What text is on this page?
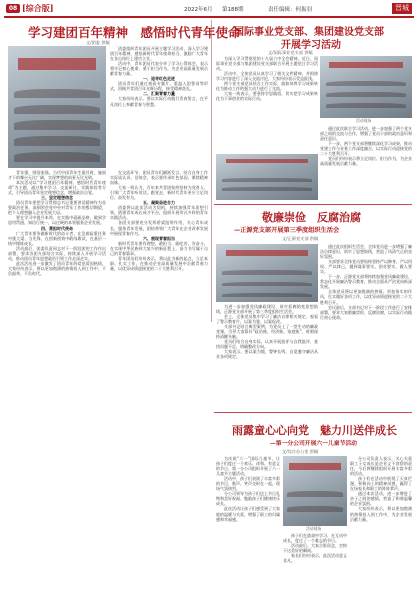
08 [综合版]	2022年6月 第188期	责任编辑：何振羽	晋城
学习建团百年精神　感悟时代青年使命
文/团委 供稿

团委组织青年团员开展主题学习活动，深入学习建团百年精神，感悟新时代青年使命担当，激励广大青年在各自岗位上建功立业。

活动中，青年团员代表分享了学习心得体会，表示将牢记初心使命，勇于担当作为，为企业高质量发展贡献青春力量。

一、追寻红色足迹

团员青年们通过观看专题片、重温入团誓词等形式，回顾共青团百年光辉历程，接受精神洗礼。

二、汇聚青春力量

大家纷纷表示，要以实际行动践行青春誓言，在平凡岗位上奉献青春与智慧。

青年强，则国家强。当代中国青年生逢其时，施展才干的舞台无比广阔，实现梦想的前景无比光明。

本次活动以“学习建团百年精神，感悟时代青年使命”为主题，通过集中学习、交流研讨、实践体验等方式，引导团员青年坚定理想信念，增强政治自觉。

三、坚定理想信念

团员青年要把学习贯彻总书记重要讲话精神作为首要政治任务，深刻领会党中央对青年工作的殷切期望，把个人理想融入企业发展大局。

要在学习中提升本领，在实践中砥砺品格，做到学思用贯通、知信行统一，以过硬的本领服务企业发展。

四、勇担时代使命

广大青年要争做新时代的奋斗者，在急难险重任务中挑大梁、当先锋，在创新创效中敢闯敢试，在基层一线中锤炼成长。

活动最后，团委负责同志对下一阶段团的工作作出部署，要求各团支部结合实际，持续深入开展学习活动，推动团员青年思想政治引领工作走深走实。

此次活动进一步激发了团员青年的爱党爱国热情，大家纷纷表示，将以更加饱满的热情投入到工作中，不负韶华、不负时代。

在交流环节，团员青年们踊跃发言，结合自身工作实际谈认识、话体会，表示要传承红色基因，赓续精神血脉。

大家一致认为，百年来共青团始终坚持为党育人，引领广大青年听党话、跟党走，新时代青年更应立足岗位、奋发有为。

五、凝聚奋进合力

团委将以此次活动为契机，持续加强青年思想引领，搭建青年成长成才平台，组织开展形式多样的青年实践活动。

各团支部要充分发挥桥梁纽带作用，关心青年成长，服务青年发展，团结带领广大青年在企业改革发展中展现青春作为。

六、展现青春担当

新时代青年要有理想、敢担当、能吃苦、肯奋斗，在实现中华民族伟大复兴的新征程上，奋力书写属于自己的青春篇章。

青年团员们纷纷表示，将以此为新的起点，立足本职、扎实工作，在推动企业高质量发展中贡献青春力量，以优异成绩迎接党的二十大胜利召开。

国际事业党支部、集团建设党支部
开展学习活动
文/国际事业党支部 供稿

为深入学习贯彻党的十九届六中全会精神，近日，国际事业党支部与集团建设党支部联合开展主题党日学习活动。

活动中，全体党员认真学习了相关文件精神，并围绕学习内容进行了深入交流讨论，大家纷纷表示受益匪浅。

两个党支部党员结合工作实际，就如何将学习成果转化为推动工作的强大动力进行了交流。

大家一致表示，要坚持学思践悟，切实把学习成果转化为干事创业的实际行动。

活动现场

通过此次联合学习活动，进一步加强了两个党支部之间的交流与合作，增强了党员干部的政治意识和责任意识。

下一步，两个党支部将继续深化学习成果，推动党建工作与业务工作深度融合，以实际行动迎接党的二十大胜利召开。

党员们纷纷表示将立足岗位、担当作为，为企业高质量发展贡献力量。

敬廉崇俭　反腐治腐
—正源党支部开展第三季度组织生活会
文/正源党支部 供稿

为进一步加强党风廉政建设，筑牢拒腐防变思想防线，正源党支部开展了第三季度组织生活会。

会上，全体党员集中学习了廉洁自律相关规定，观看了警示教育片，以案为鉴、以案促改。

支部书记结合典型案例，为党员上了一堂生动的廉政党课，引导大家算好“政治账、经济账、家庭账”，时刻保持清醒头脑。

党员们结合自身实际，认真开展批评与自我批评，查找问题不足，明确整改方向。

大家表示，要以案为镜，警钟长鸣，自觉遵守廉洁从业各项规定。

通过此次组织生活会，全体党员进一步增强了廉洁自律意识，筑牢了思想防线，营造了风清气正的良好氛围。

支部要求全体党员要始终坚持严以修身、严以用权、严以律己，做到谋事要实、创业要实、做人要实。

下一步，正源党支部将持续加强党风廉政建设，常态化开展廉洁警示教育，推动全面从严治党向纵深发展。

全体党员将以更加饱满的热情、更加务实的作风，扎实做好各项工作，以优异成绩迎接党的二十大胜利召开。

会议最后，支部书记对下一阶段工作进行了安排部署，要求大家敬廉崇俭、反腐治腐，以实际行动践行初心使命。

雨露童心心向党　魅力川送伴成长
—第一分公司开展六一儿童节活动
文/综合办公室 供稿

为庆祝“六一”国际儿童节，让孩子们度过一个欢乐、祥和、有意义的节日，第一分公司组织开展了六一儿童节主题活动。

活动中，孩子们表演了丰富多彩的节目，歌声、笑声交织在一起，现场气氛热烈。

分公司领导为孩子们送上节日礼物和美好祝福，勉励孩子们健康快乐成长。

此次活动让孩子们感受到了大家庭的温暖与关爱，增强了职工的归属感和幸福感。

活动现场

孩子们在游戏中学习、在互动中成长，度过了一个难忘的节日。

活动最后，大家合影留念，定格下这美好的瞬间。

家长们纷纷表示，此次活动意义非凡。

分公司负责人表示，关心关爱职工子女成长是企业义不容辞的责任，今后将继续组织开展丰富多彩的活动。

孩子们在活动中展现了天真烂漫、积极向上的精神风貌，赢得了在场家长和职工的阵阵掌声。

通过本次活动，进一步增进了亲子之间的感情，营造了和谐温馨的企业氛围。

大家纷纷表示，将以更加饱满的热情投入到工作中，为企业发展贡献力量。
